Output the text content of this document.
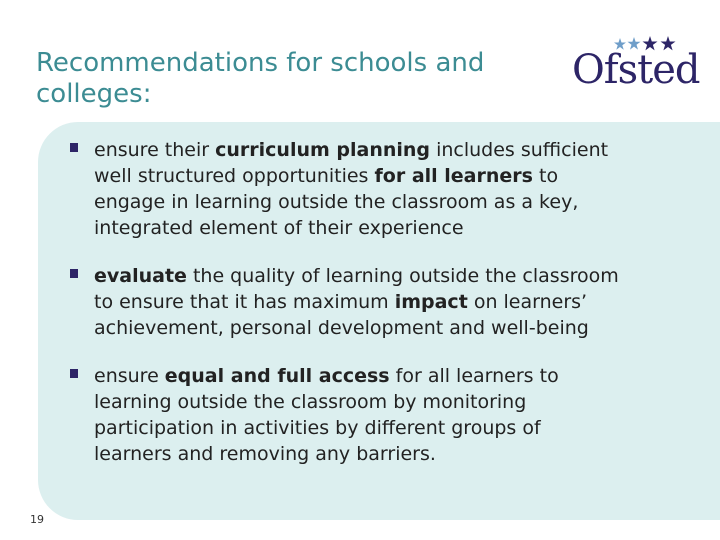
Recommendations for schools and colleges:
Ofsted
ensure their curriculum planning includes sufficient well structured opportunities for all learners to engage in learning outside the classroom as a key, integrated element of their experience
evaluate the quality of learning outside the classroom to ensure that it has maximum impact on learners’ achievement, personal development and well-being
ensure equal and full access for all learners to learning outside the classroom by monitoring participation in activities by different groups of learners and removing any barriers.
19
